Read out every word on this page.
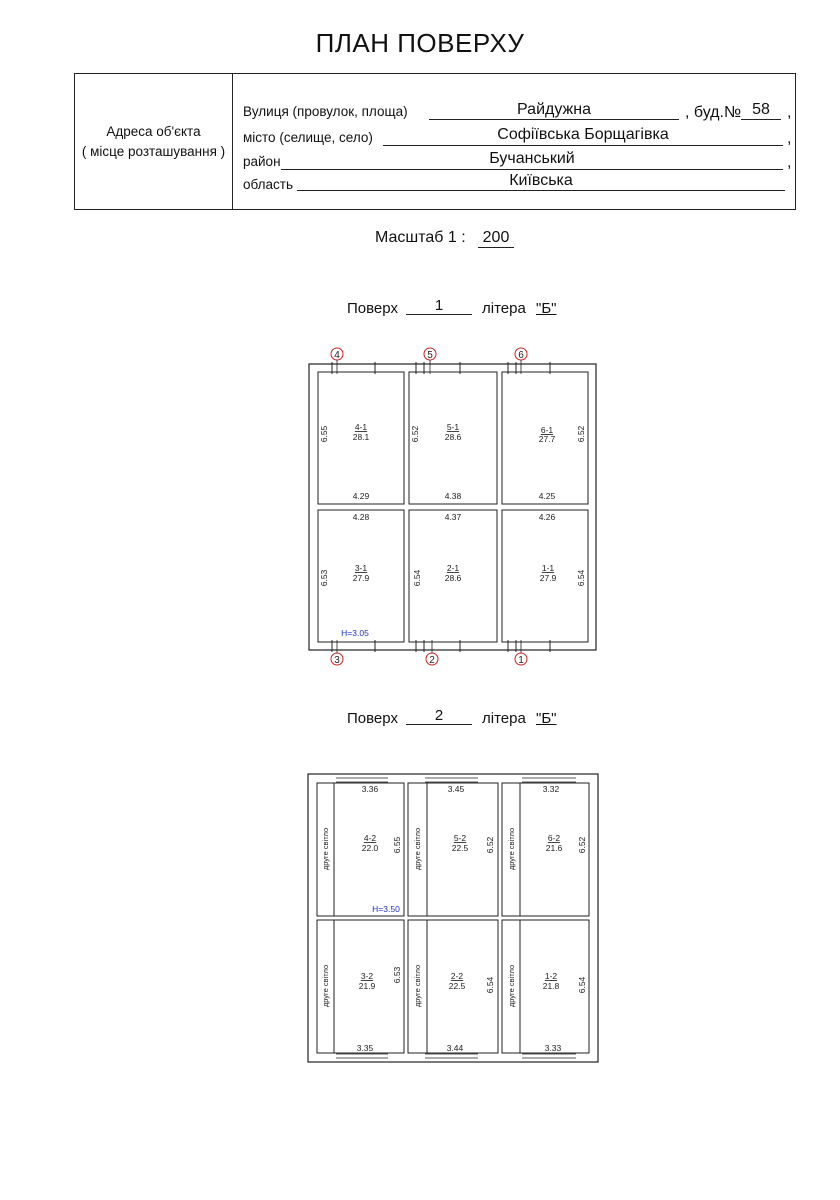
ПЛАН ПОВЕРХУ
Адреса об'єкта
( місце розташування )
Вулиця (провулок, площа)	Райдужна	, буд.№ 58	,
місто (селище, село)	Софіївська Борщагівка	,
район	Бучанський	,
область	Київська
Масштаб 1 : 200
Поверх	1	літера "Б"
4	5	6
3	2	1
4-1
28.1
5-1
28.6
6-1
27.7
3-1
27.9
2-1
28.6
1-1
27.9
4.29	4.38	4.25
4.28	4.37	4.26
6.55	6.52	6.52
6.53	6.54	6.54
Н=3.05
Поверх	2	літера "Б"
друге світло	друге світло	друге світло
друге світло	друге світло	друге світло
4-2
22.0
5-2
22.5
6-2
21.6
3-2
21.9
2-2
22.5
1-2
21.8
3.36	3.45	3.32
3.35	3.44	3.33
6.55	6.52	6.52
6.53
6.54	6.54
Н=3.50
